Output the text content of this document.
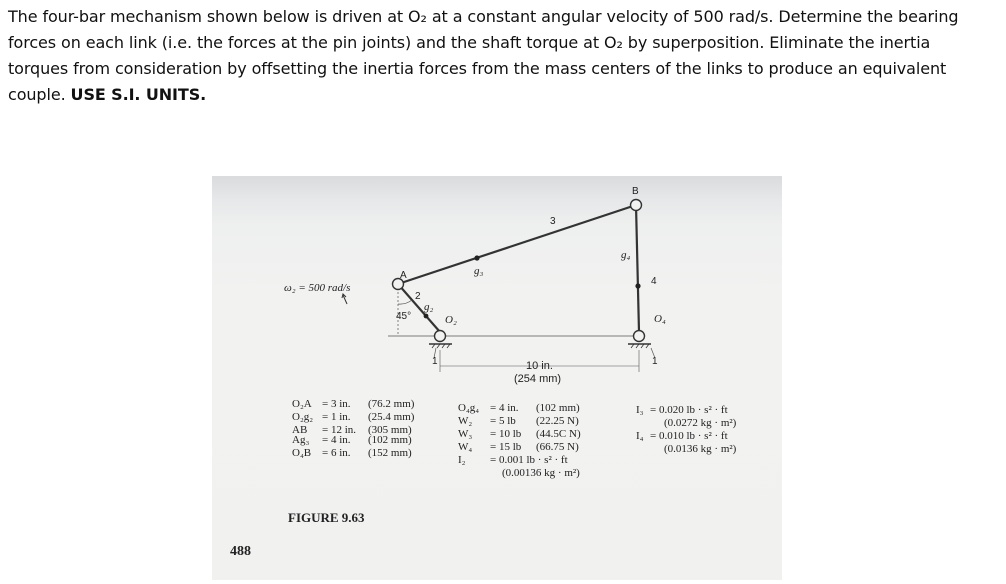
The four-bar mechanism shown below is driven at O₂ at a constant angular velocity of 500 rad/s. Determine the bearing
forces on each link (i.e. the forces at the pin joints) and the shaft torque at O₂ by superposition. Eliminate the inertia
torques from consideration by offsetting the inertia forces from the mass centers of the links to produce an equivalent
couple. USE S.I. UNITS.
A
B
2
3
4
g₂
g₃
g₄
O₂	O₄
45°
1	1
ω₂ = 500 rad/s
10 in.
(254 mm)
O₂A = 3 in. (76.2 mm)
O₂g₂ = 1 in. (25.4 mm)
AB = 12 in. (305 mm)
Ag₃ = 4 in. (102 mm)
O₄B = 6 in. (152 mm)
O₄g₄ = 4 in. (102 mm)
W₂ = 5 lb (22.25 N)
W₃ = 10 lb (44.5C N)
W₄ = 15 lb (66.75 N)
I₂ = 0.001 lb · s² · ft
(0.00136 kg · m²)
I₃ = 0.020 lb · s² · ft
(0.0272 kg · m²)
I₄ = 0.010 lb · s² · ft
(0.0136 kg · m²)
FIGURE 9.63
488
